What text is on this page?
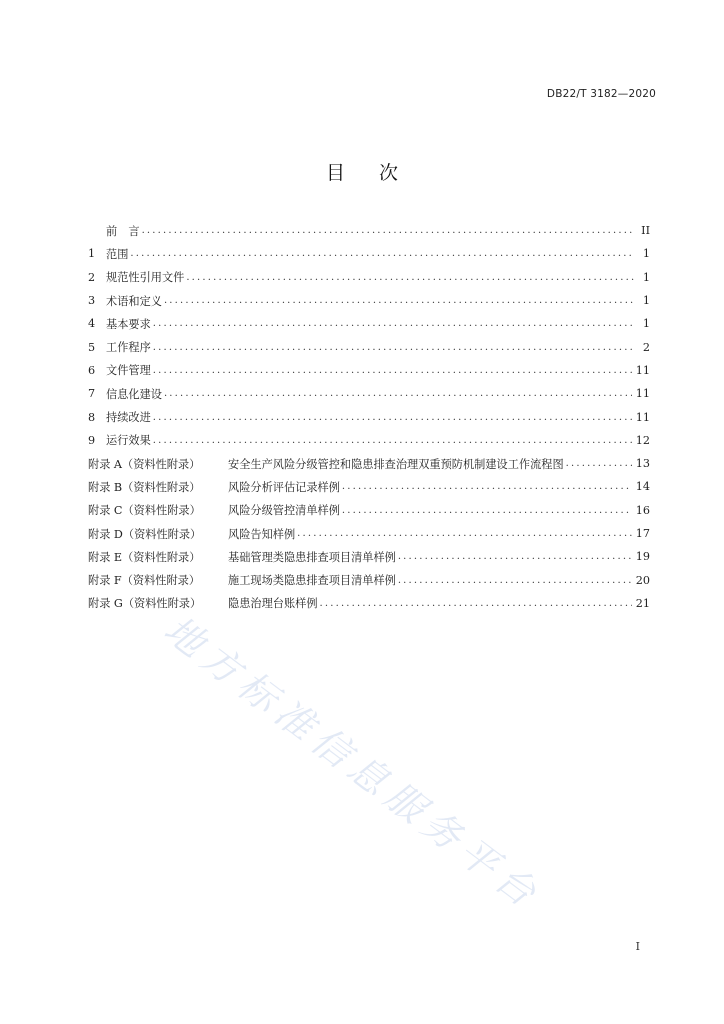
DB22/T 3182—2020
目 次
前　言 . . .	II
1 范围 . . .	1
2 规范性引用文件 . . .	1
3 术语和定义 . . .	1
4 基本要求 . . .	1
5 工作程序 . . .	2
6 文件管理 . . .	11
7 信息化建设 . . .	11
8 持续改进 . . .	11
9 运行效果 . . .	12
附录 A（资料性附录）	安全生产风险分级管控和隐患排查治理双重预防机制建设工作流程图 . . .	13
附录 B（资料性附录）	风险分析评估记录样例 . . .	14
附录 C（资料性附录）	风险分级管控清单样例 . . .	16
附录 D（资料性附录）	风险告知样例 . . .	17
附录 E（资料性附录）	基础管理类隐患排查项目清单样例 . . .	19
附录 F（资料性附录）	施工现场类隐患排查项目清单样例 . . .	20
附录 G（资料性附录）	隐患治理台账样例 . . .	21
地方标准信息服务平台
I
